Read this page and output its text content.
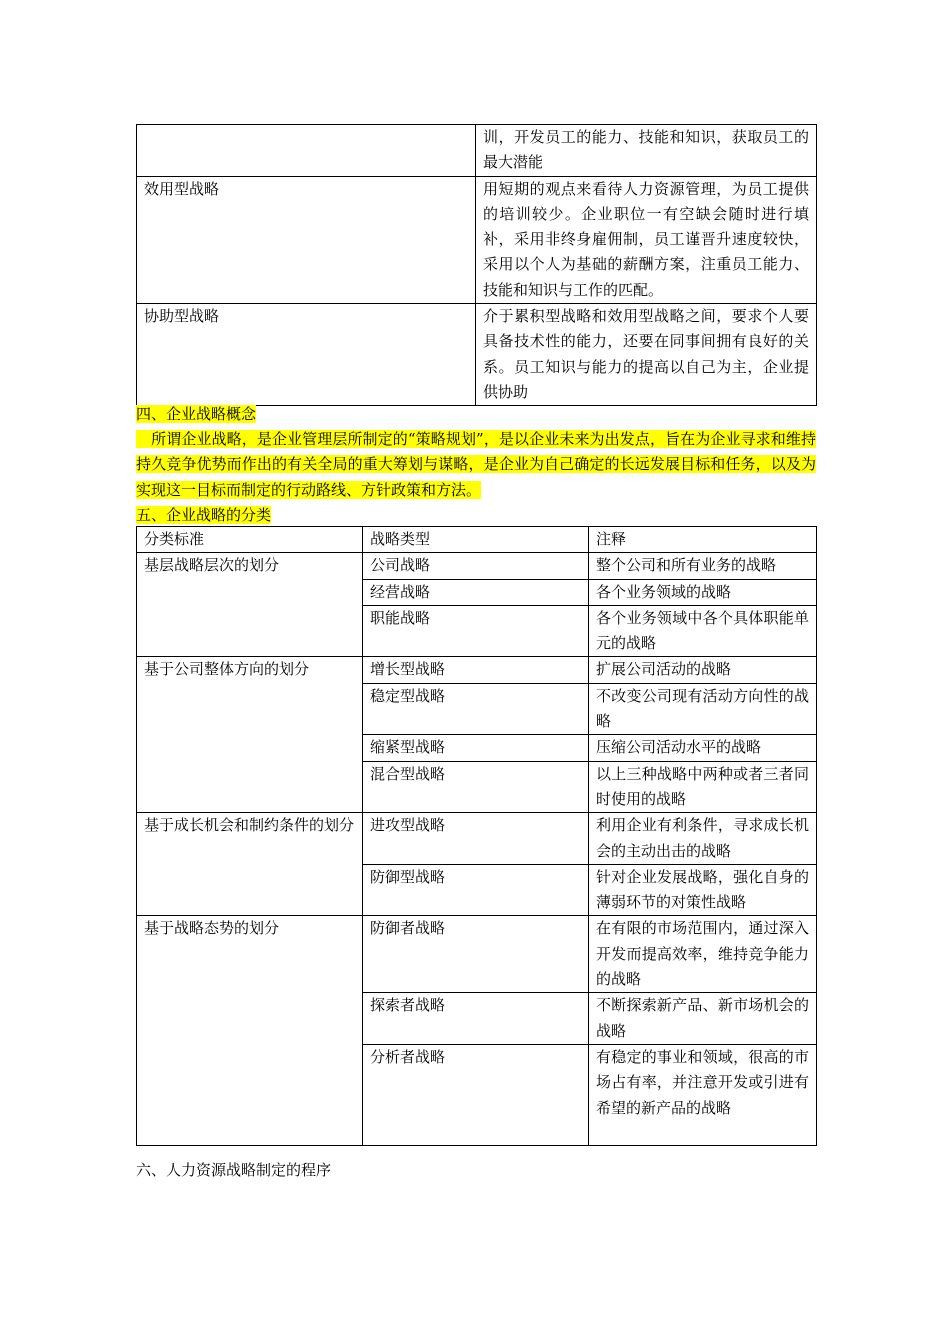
	训，开发员工的能力、技能和知识，获取员工的最大潜能
效用型战略	用短期的观点来看待人力资源管理，为员工提供的培训较少。企业职位一有空缺会随时进行填补，采用非终身雇佣制，员工谨晋升速度较快，采用以个人为基础的薪酬方案，注重员工能力、技能和知识与工作的匹配。
协助型战略	介于累积型战略和效用型战略之间，要求个人要具备技术性的能力，还要在同事间拥有良好的关系。员工知识与能力的提高以自己为主，企业提供协助

四、企业战略概念

　所谓企业战略，是企业管理层所制定的“策略规划”，是以企业未来为出发点，旨在为企业寻求和维持持久竞争优势而作出的有关全局的重大筹划与谋略，是企业为自己确定的长远发展目标和任务，以及为实现这一目标而制定的行动路线、方针政策和方法。

五、企业战略的分类

分类标准	战略类型	注释
基层战略层次的划分	公司战略	整个公司和所有业务的战略
	经营战略	各个业务领域的战略
	职能战略	各个业务领域中各个具体职能单元的战略
基于公司整体方向的划分	增长型战略	扩展公司活动的战略
	稳定型战略	不改变公司现有活动方向性的战略
	缩紧型战略	压缩公司活动水平的战略
	混合型战略	以上三种战略中两种或者三者同时使用的战略
基于成长机会和制约条件的划分	进攻型战略	利用企业有利条件，寻求成长机会的主动出击的战略
	防御型战略	针对企业发展战略，强化自身的薄弱环节的对策性战略
基于战略态势的划分	防御者战略	在有限的市场范围内，通过深入开发而提高效率，维持竞争能力的战略
	探索者战略	不断探索新产品、新市场机会的战略
	分析者战略	有稳定的事业和领域，很高的市场占有率，并注意开发或引进有希望的新产品的战略

六、人力资源战略制定的程序
